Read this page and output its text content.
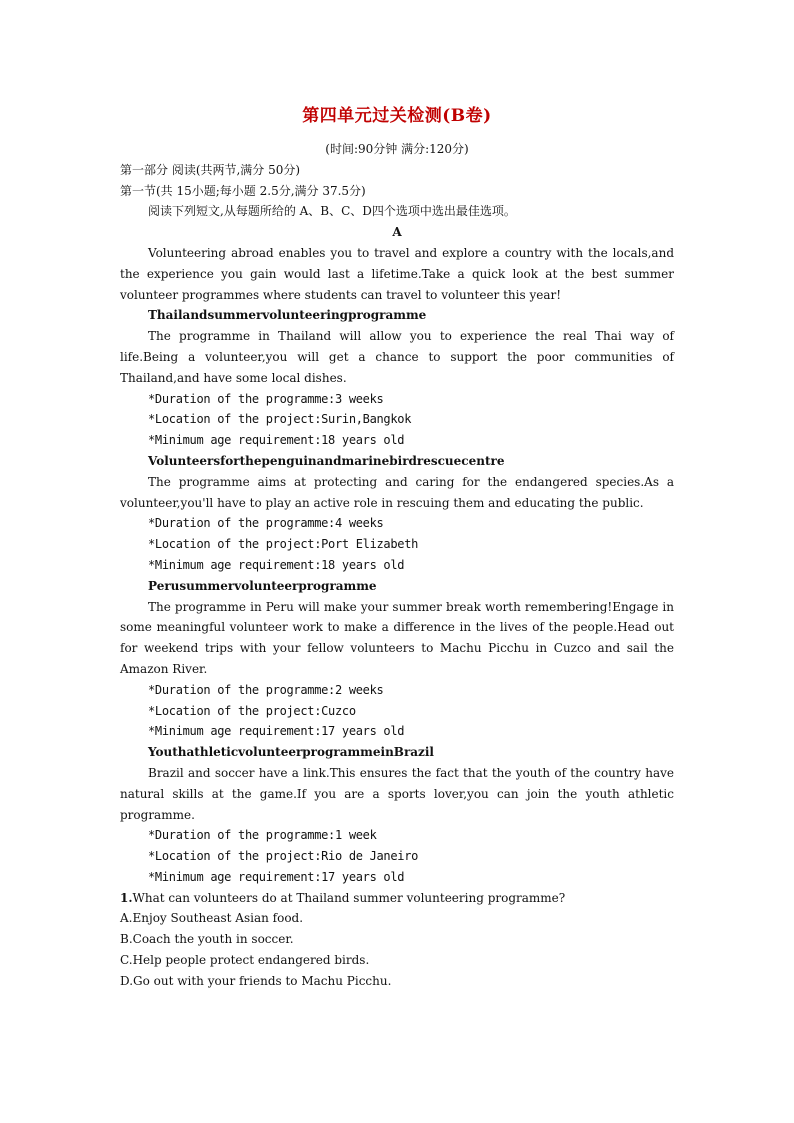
第四单元过关检测(B卷)

(时间:90分钟 满分:120分)

第一部分 阅读(共两节,满分 50分)

第一节(共 15小题;每小题 2.5分,满分 37.5分)

阅读下列短文,从每题所给的 A、B、C、D四个选项中选出最佳选项。

A

Volunteering abroad enables you to travel and explore a country with the locals,and the experience you gain would last a lifetime.Take a quick look at the best summer volunteer programmes where students can travel to volunteer this year!

Thailandsummervolunteeringprogramme

The programme in Thailand will allow you to experience the real Thai way of life.Being a volunteer,you will get a chance to support the poor communities of Thailand,and have some local dishes.

*Duration of the programme:3 weeks

*Location of the project:Surin,Bangkok

*Minimum age requirement:18 years old

Volunteersforthepenguinandmarinebirdrescuecentre

The programme aims at protecting and caring for the endangered species.As a volunteer,you'll have to play an active role in rescuing them and educating the public.

*Duration of the programme:4 weeks

*Location of the project:Port Elizabeth

*Minimum age requirement:18 years old

Perusummervolunteerprogramme

The programme in Peru will make your summer break worth remembering!Engage in some meaningful volunteer work to make a difference in the lives of the people.Head out for weekend trips with your fellow volunteers to Machu Picchu in Cuzco and sail the Amazon River.

*Duration of the programme:2 weeks

*Location of the project:Cuzco

*Minimum age requirement:17 years old

YouthathleticvolunteerprogrammeinBrazil

Brazil and soccer have a link.This ensures the fact that the youth of the country have natural skills at the game.If you are a sports lover,you can join the youth athletic programme.

*Duration of the programme:1 week

*Location of the project:Rio de Janeiro

*Minimum age requirement:17 years old

1.What can volunteers do at Thailand summer volunteering programme?

A.Enjoy Southeast Asian food.

B.Coach the youth in soccer.

C.Help people protect endangered birds.

D.Go out with your friends to Machu Picchu.
